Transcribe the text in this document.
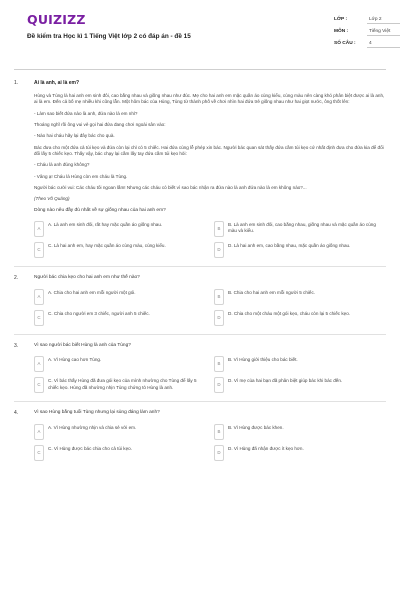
QUIZIZZ
Đề kiểm tra Học kì 1 Tiếng Việt lớp 2 có đáp án - đề 15
LỚP :	Lớp 2
MÔN :	Tiếng Việt
SỐ CÂU :	4
1.	Ai là anh, ai là em?

Hùng và Tùng là hai anh em sinh đôi, cao bằng nhau và giống nhau như đúc. Mẹ cho hai anh em mặc quần áo cùng kiểu, cùng màu nên càng khó phân biệt được ai là anh, ai là em. Đến cả bố mẹ nhiều khi cũng lẫn. Một hôm bác của Hùng, Tùng từ thành phố về chơi nhìn hai đứa trẻ giống nhau như hai giọt nước, ông thốt lên:

- Làm sao biết đứa nào là anh, đứa nào là em nhỉ?

Thoáng nghĩ rồi ông vui vẻ gọi hai đứa đang chơi ngoài sân vào:

- Nào hai cháu hãy lại đây bác cho quà.

Bác đưa cho một đứa cả túi kẹo và đứa còn lại chỉ có 5 chiếc. Hai đứa cùng lễ phép xin bác. Người bác quan sát thấy đứa cầm túi kẹo cứ nhất định đưa cho đứa kia để đổi đổi lấy 5 chiếc kẹo. Thấy vậy, bác chạy lại cầm lấy tay đứa cầm túi kẹo hỏi:

- Cháu là anh đúng không?

- Vâng ạ! Cháu là Hùng còn em cháu là Tùng.

Người bác cười vui: Các cháu tôi ngoan lắm! Nhưng các cháu có biết vì sao bác nhận ra đứa nào là anh đứa nào là em không nào?...

(Theo Võ Quảng)

Dòng nào nêu đầy đủ nhất về sự giống nhau của hai anh em?
A
A. Là anh em sinh đôi, rất hay mặc quần áo giống nhau.
B
B. Là anh em sinh đôi, cao bằng nhau, giống nhau và mặc quần áo cùng màu và kiểu.
C
C. Là hai anh em, hay mặc quần áo cùng màu, cùng kiểu.
D
D. Là hai anh em, cao bằng nhau, mặc quần áo giống nhau.
2.	Người bác chia kẹo cho hai anh em như thế nào?
A
A. Chia cho hai anh em mỗi người một gói.
B
B. Chia cho hai anh em mỗi người 5 chiếc.
C
C. Chia cho người em 3 chiếc, người anh 5 chiếc.
D
D. Chia cho một cháu một gói kẹo, cháu còn lại 5 chiếc kẹo.
3.	Vì sao người bác biết Hùng là anh của Tùng?
A
A. Vì Hùng cao hơn Tùng.
B
B. Vì Hùng giới thiệu cho bác biết.
C
C. Vì bác thấy Hùng đã đưa gói kẹo của mình nhường cho Tùng để lấy 5 chiếc kẹo. Hùng đã nhường nhịn Tùng chứng tỏ Hùng là anh.	D
D. Vì mẹ của hai bạn đã phân biệt giúp bác khi bác đến.
4.	Vì sao Hùng bằng tuổi Tùng nhưng lại sùng đáng làm anh?
A
A. Vì Hùng nhường nhịn và chia sẻ với em.
B
B. Vì Hùng được bác khen.
C
C. Vì Hùng được bác chia cho cả túi kẹo.
D
D. Vì Hùng đã nhận được ít kẹo hơn.
